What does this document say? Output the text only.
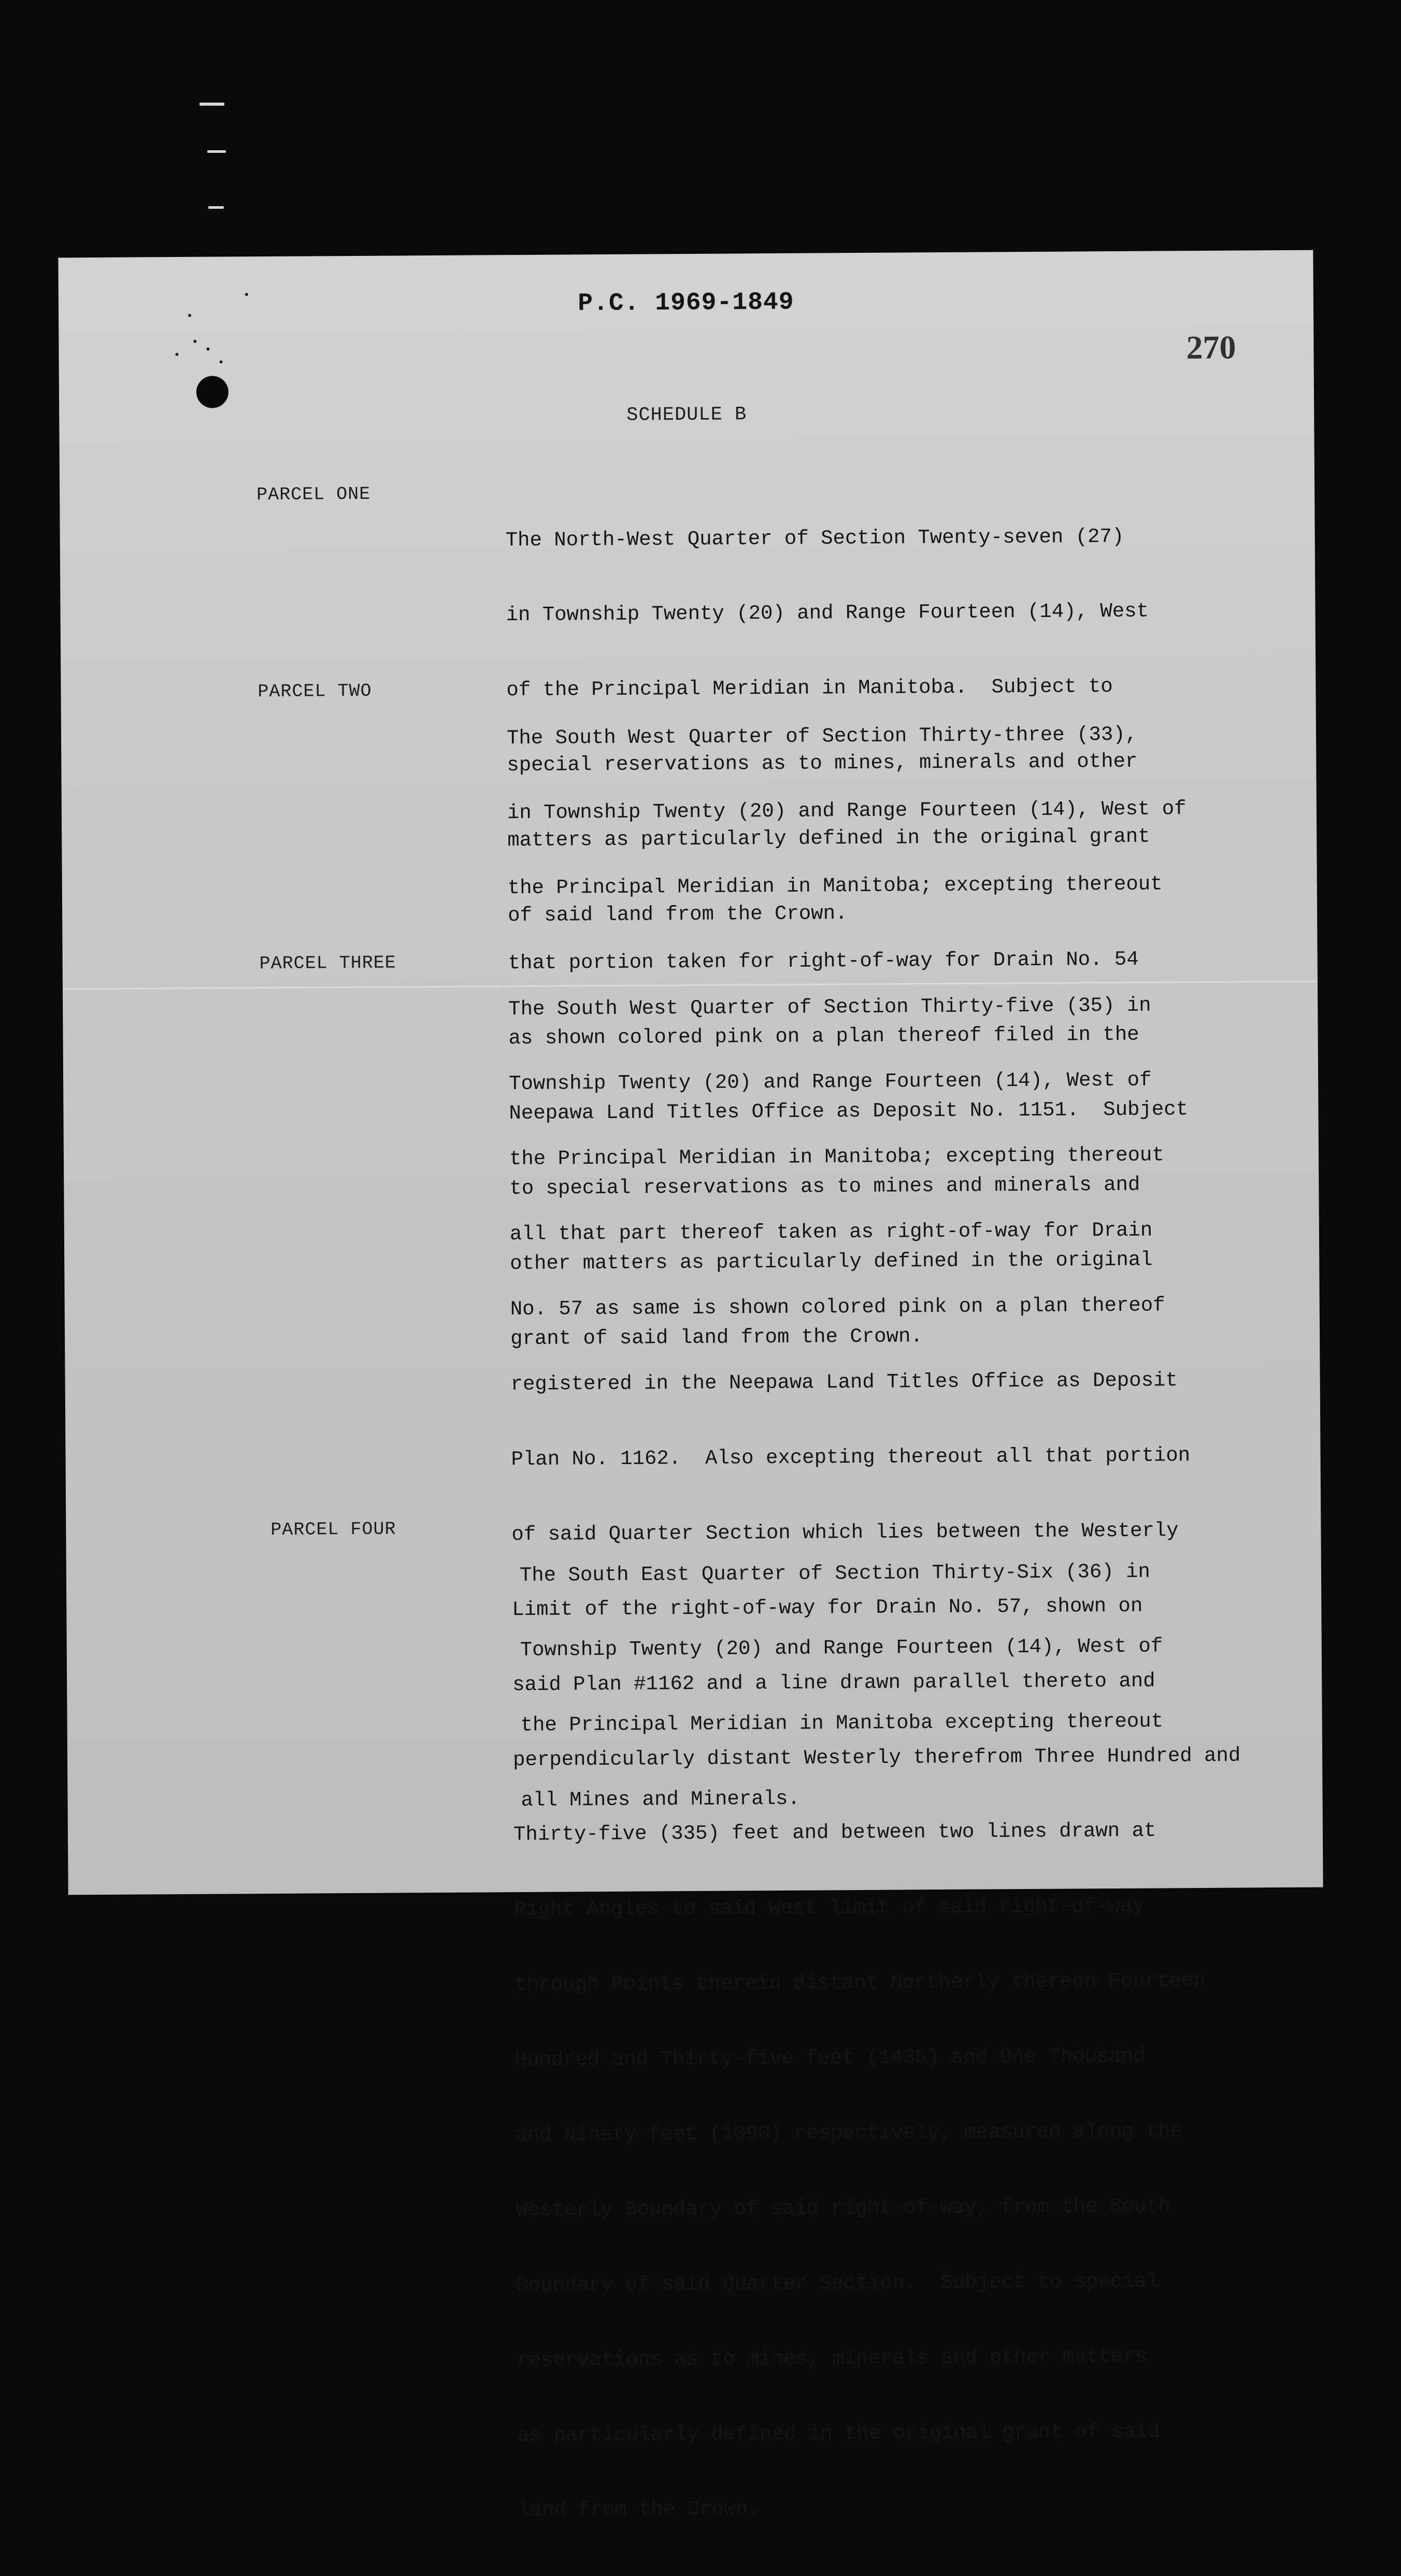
P.C. 1969-1849
270
SCHEDULE B
PARCEL ONE

The North-West Quarter of Section Twenty-seven (27)

in Township Twenty (20) and Range Fourteen (14), West

of the Principal Meridian in Manitoba.  Subject to

special reservations as to mines, minerals and other

matters as particularly defined in the original grant

of said land from the Crown.

PARCEL TWO

The South West Quarter of Section Thirty-three (33),

in Township Twenty (20) and Range Fourteen (14), West of

the Principal Meridian in Manitoba; excepting thereout

that portion taken for right-of-way for Drain No. 54

as shown colored pink on a plan thereof filed in the

Neepawa Land Titles Office as Deposit No. 1151.  Subject

to special reservations as to mines and minerals and

other matters as particularly defined in the original

grant of said land from the Crown.

PARCEL THREE

The South West Quarter of Section Thirty-five (35) in

Township Twenty (20) and Range Fourteen (14), West of

the Principal Meridian in Manitoba; excepting thereout

all that part thereof taken as right-of-way for Drain

No. 57 as same is shown colored pink on a plan thereof

registered in the Neepawa Land Titles Office as Deposit

Plan No. 1162.  Also excepting thereout all that portion

of said Quarter Section which lies between the Westerly

Limit of the right-of-way for Drain No. 57, shown on

said Plan #1162 and a line drawn parallel thereto and

perpendicularly distant Westerly therefrom Three Hundred and

Thirty-five (335) feet and between two lines drawn at

Right Angles to said West limit of said right-of-way

through Points therein distant Northerly thereon Fourteen

Hundred and Thirty-five feet (1435) and One Thousand

and Ninety feet (1090) respectively, measured along the

Westerly Boundary of said right-of-way, from the South

Boundary of said Quarter Section.  Subject to special

reservations as to mines, minerals and other matters

as particularly defined in the original grant of said

land from the Crown.

PARCEL FOUR

The South East Quarter of Section Thirty-Six (36) in

Township Twenty (20) and Range Fourteen (14), West of

the Principal Meridian in Manitoba excepting thereout

all Mines and Minerals.
